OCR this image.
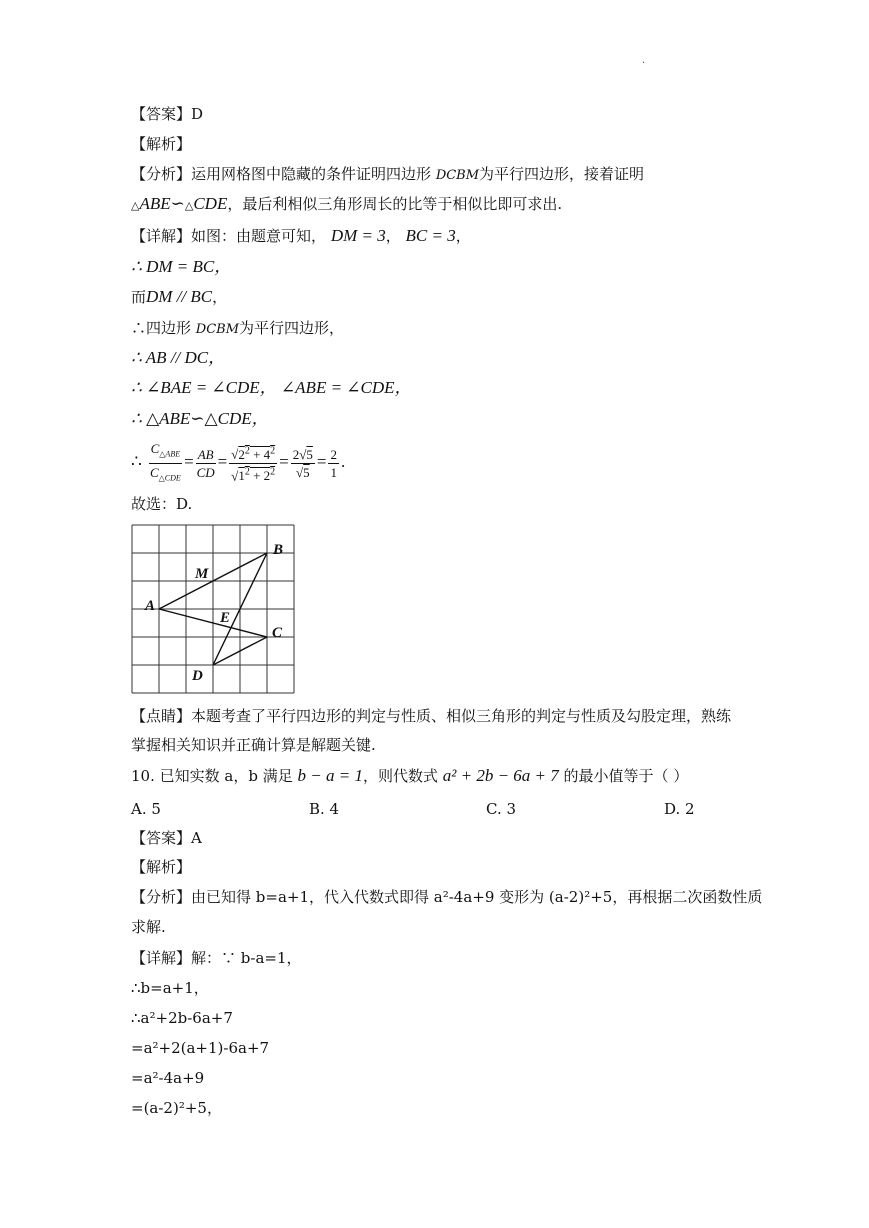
·
【答案】D
【解析】
【分析】运用网格图中隐藏的条件证明四边形 DCBM为平行四边形，接着证明
△ABE∽△CDE，最后利相似三角形周长的比等于相似比即可求出.
【详解】如图：由题意可知， DM = 3， BC = 3，
∴ DM = BC，
而DM // BC，
∴四边形 DCBM为平行四边形，
∴ AB // DC，
∴ ∠BAE = ∠CDE， ∠ABE = ∠CDE，
∴ △ABE∽△CDE，
∴ $\frac{C_{\triangle ABE}}{C_{\triangle CDE}} = \frac{AB}{CD} = \frac{√2^2 + 4^2}{√1^2 + 2^2} = \frac{2√5}{√5} = \frac{2}{1}$ .
故选：D.
B
M
A
E
C
D
【点睛】本题考查了平行四边形的判定与性质、相似三角形的判定与性质及勾股定理，熟练
掌握相关知识并正确计算是解题关键.
10. 已知实数 a，b 满足 b − a = 1，则代数式 a² + 2b − 6a + 7 的最小值等于（ ）
A. 5	B. 4	C. 3	D. 2
【答案】A
【解析】
【分析】由已知得 b=a+1，代入代数式即得 a²-4a+9 变形为 (a-2)²+5，再根据二次函数性质
求解.
【详解】解：∵ b-a=1，
∴b=a+1，
∴a²+2b-6a+7
=a²+2(a+1)-6a+7
=a²-4a+9
=(a-2)²+5，
